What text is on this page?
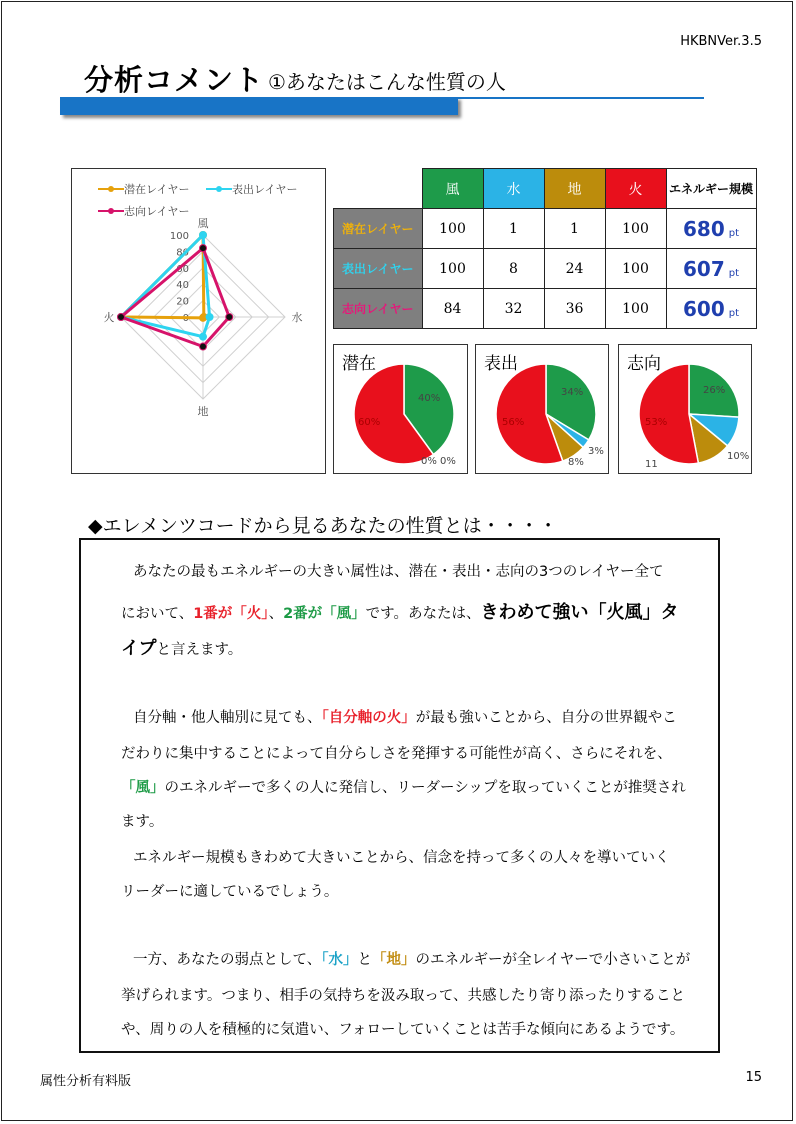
HKBNVer.3.5
分析コメント ①あなたはこんな性質の人
潜在レイヤー	表出レイヤー
志向レイヤー
100
80
60
40
20
0
風
水
地
火
	風	水	地	火	エネルギー規模
潜在レイヤー	100	1	1	100	680 pt
表出レイヤー	100	8	24	100	607 pt
志向レイヤー	84	32	36	100	600 pt
潜在
40%
60%
0% 0%
表出
34%
56%
3%
8%
志向
26%
53%
10%
11
◆エレメンツコードから見るあなたの性質とは・・・・
あなたの最もエネルギーの大きい属性は、潜在・表出・志向の3つのレイヤー全て
において、1番が「火」、2番が「風」です。あなたは、きわめて強い「火風」タ
イプと言えます。
自分軸・他人軸別に見ても、「自分軸の火」が最も強いことから、自分の世界観やこ
だわりに集中することによって自分らしさを発揮する可能性が高く、さらにそれを、
「風」のエネルギーで多くの人に発信し、リーダーシップを取っていくことが推奨され
ます。
エネルギー規模もきわめて大きいことから、信念を持って多くの人々を導いていく
リーダーに適しているでしょう。
一方、あなたの弱点として、「水」と「地」のエネルギーが全レイヤーで小さいことが
挙げられます。つまり、相手の気持ちを汲み取って、共感したり寄り添ったりすること
や、周りの人を積極的に気遣い、フォローしていくことは苦手な傾向にあるようです。
属性分析有料版	15
